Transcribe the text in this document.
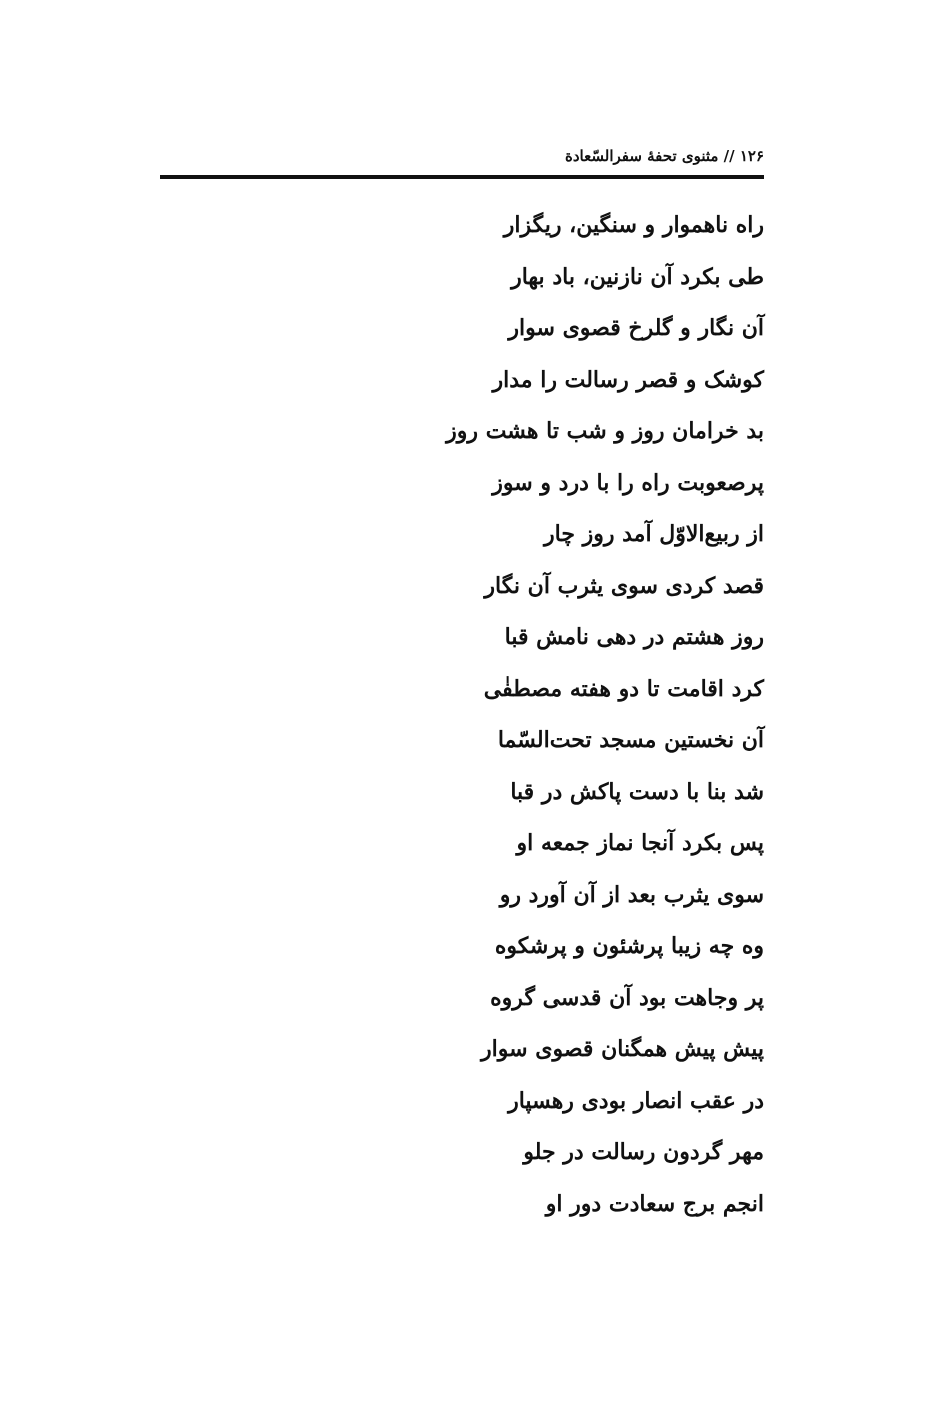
۱۲۶ // مثنوی تحفهٔ سفرالسّعادة
راه ناهموار و سنگین، ریگزار
طی بکرد آن نازنین، باد بهار
آن نگار و گلرخ قصوی سوار
کوشک و قصر رسالت را مدار
بد خرامان روز و شب تا هشت روز
پرصعوبت راه را با درد و سوز
از ربیع‌الاوّل آمد روز چار
قصد کردی سوی یثرب آن نگار
روز هشتم در دهی نامش قبا
کرد اقامت تا دو هفته مصطفٰی
آن نخستین مسجد تحت‌السّما
شد بنا با دست پاکش در قبا
پس بکرد آنجا نماز جمعه او
سوی یثرب بعد از آن آورد رو
وه چه زیبا پرشئون و پرشکوه
پر وجاهت بود آن قدسی گروه
پیش پیش همگنان قصوی سوار
در عقب انصار بودی رهسپار
مهر گردون رسالت در جلو
انجم برج سعادت دور او
